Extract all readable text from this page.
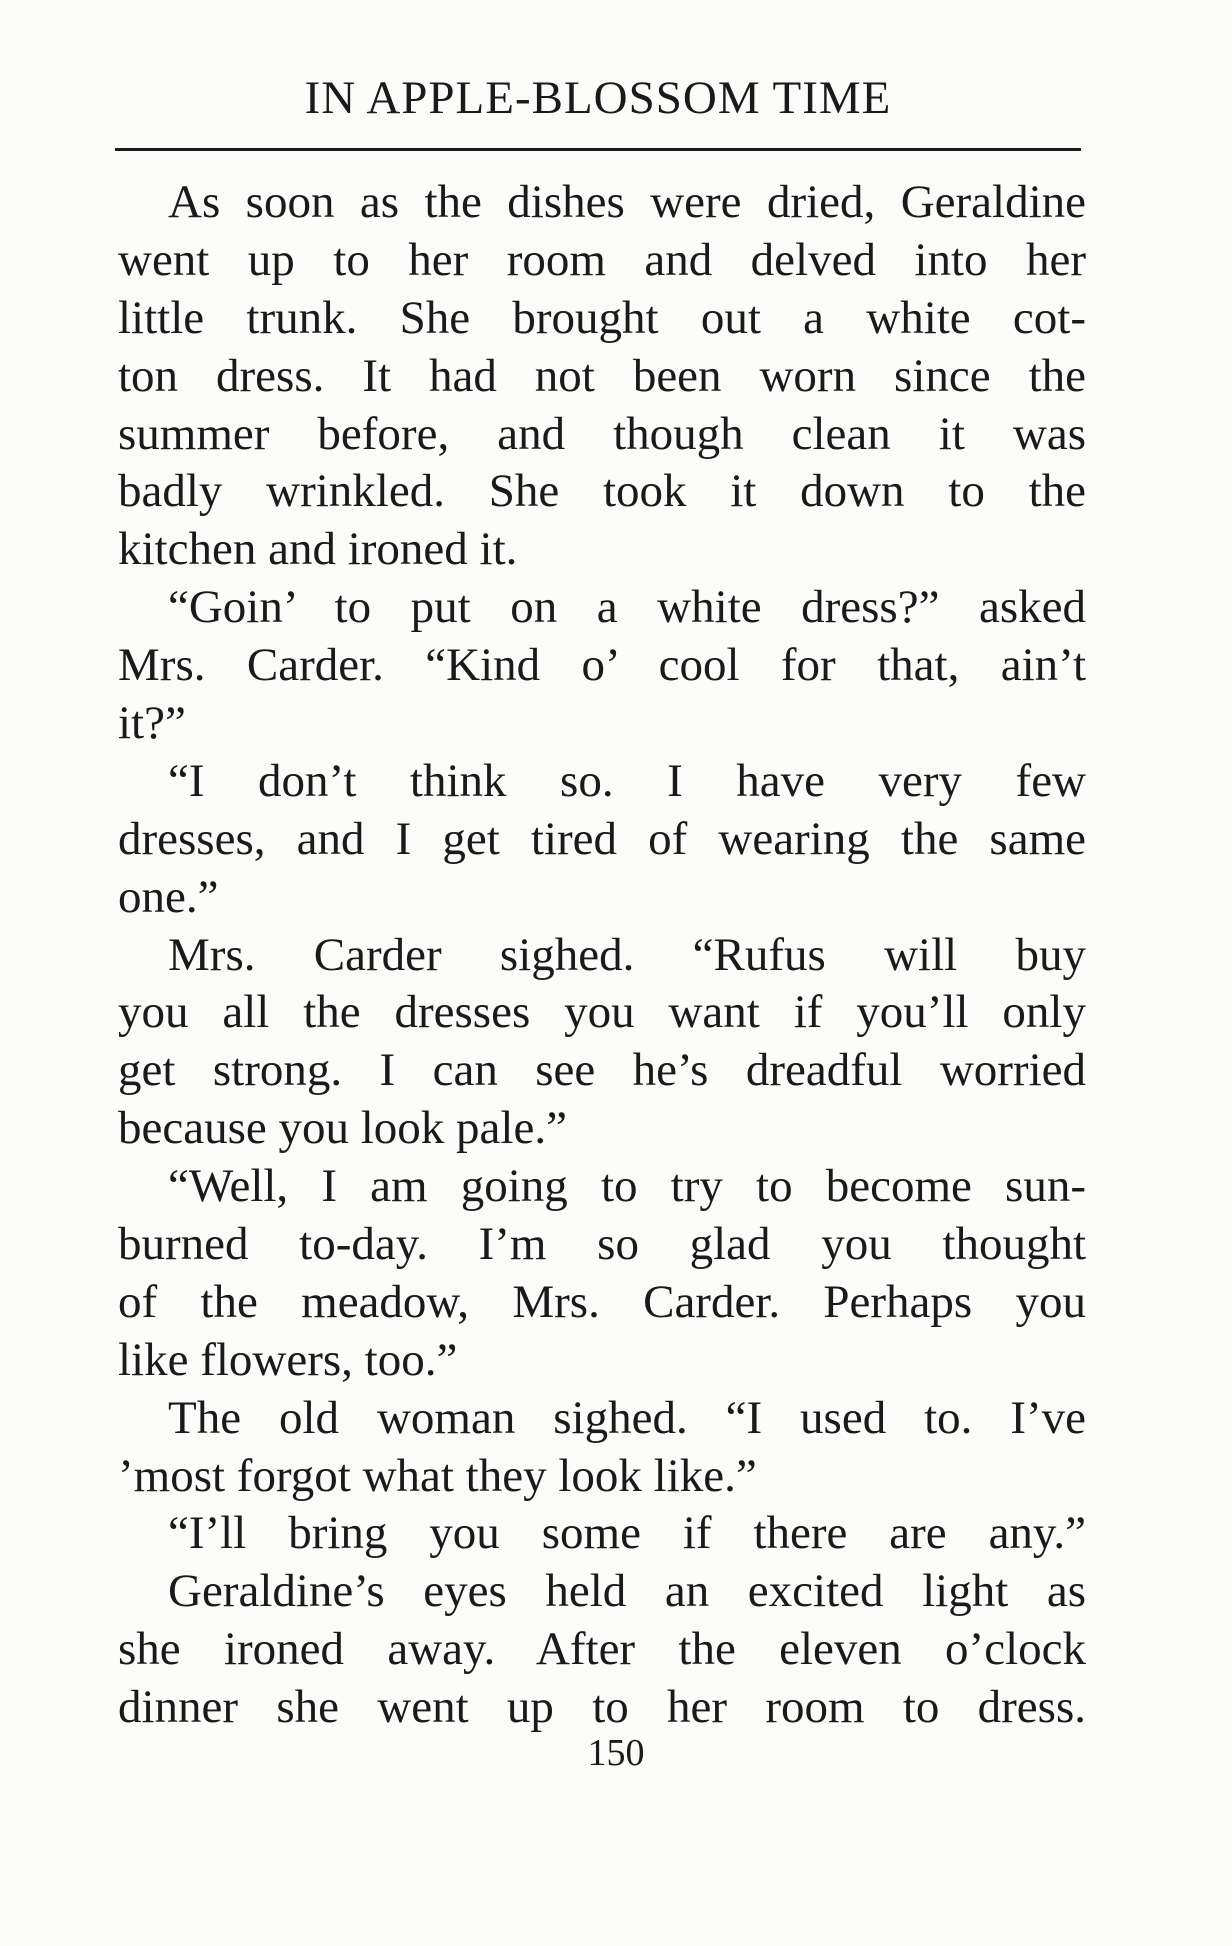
IN APPLE-BLOSSOM TIME
As soon as the dishes were dried, Geraldine
went up to her room and delved into her
little trunk. She brought out a white cot-
ton dress. It had not been worn since the
summer before, and though clean it was
badly wrinkled. She took it down to the
kitchen and ironed it.
“Goin’ to put on a white dress?” asked
Mrs. Carder. “Kind o’ cool for that, ain’t
it?”
“I don’t think so. I have very few
dresses, and I get tired of wearing the same
one.”
Mrs. Carder sighed. “Rufus will buy
you all the dresses you want if you’ll only
get strong. I can see he’s dreadful worried
because you look pale.”
“Well, I am going to try to become sun-
burned to-day. I’m so glad you thought
of the meadow, Mrs. Carder. Perhaps you
like flowers, too.”
The old woman sighed. “I used to. I’ve
’most forgot what they look like.”
“I’ll bring you some if there are any.”
Geraldine’s eyes held an excited light as
she ironed away. After the eleven o’clock
dinner she went up to her room to dress.
150
